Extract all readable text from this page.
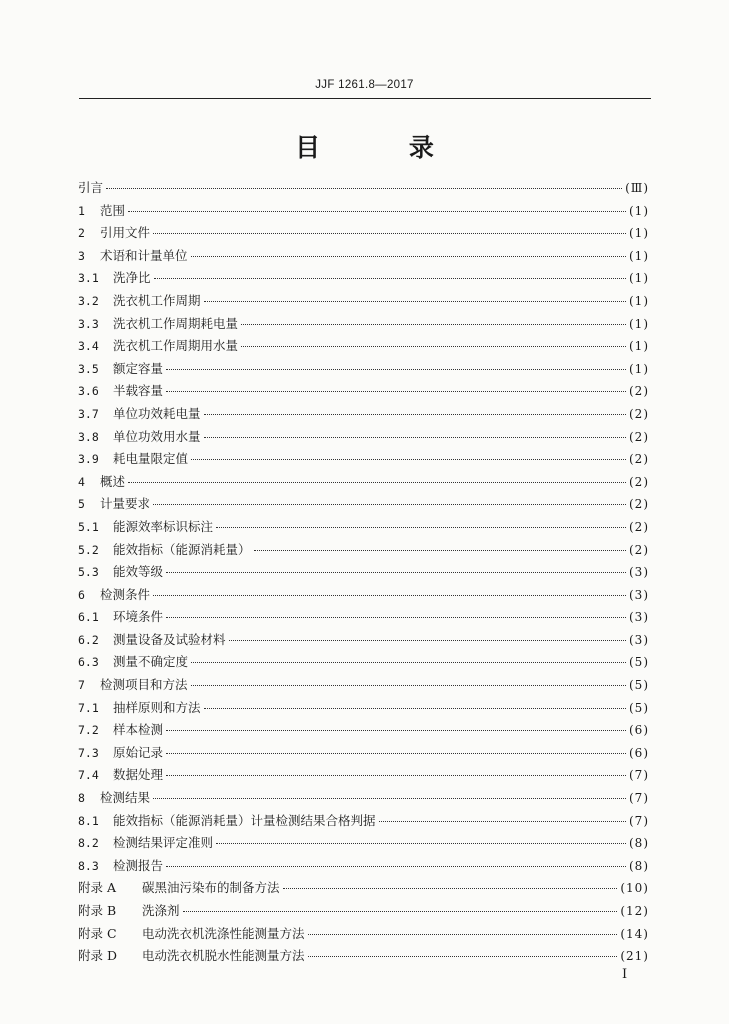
JJF 1261.8—2017
目 录
引言	(Ⅲ)
1 范围	(1)
2 引用文件	(1)
3 术语和计量单位	(1)
3.1 洗净比	(1)
3.2 洗衣机工作周期	(1)
3.3 洗衣机工作周期耗电量	(1)
3.4 洗衣机工作周期用水量	(1)
3.5 额定容量	(1)
3.6 半载容量	(2)
3.7 单位功效耗电量	(2)
3.8 单位功效用水量	(2)
3.9 耗电量限定值	(2)
4 概述	(2)
5 计量要求	(2)
5.1 能源效率标识标注	(2)
5.2 能效指标（能源消耗量）	(2)
5.3 能效等级	(3)
6 检测条件	(3)
6.1 环境条件	(3)
6.2 测量设备及试验材料	(3)
6.3 测量不确定度	(5)
7 检测项目和方法	(5)
7.1 抽样原则和方法	(5)
7.2 样本检测	(6)
7.3 原始记录	(6)
7.4 数据处理	(7)
8 检测结果	(7)
8.1 能效指标（能源消耗量）计量检测结果合格判据	(7)
8.2 检测结果评定准则	(8)
8.3 检测报告	(8)
附录 A 碳黑油污染布的制备方法	(10)
附录 B 洗涤剂	(12)
附录 C 电动洗衣机洗涤性能测量方法	(14)
附录 D 电动洗衣机脱水性能测量方法	(21)
I
